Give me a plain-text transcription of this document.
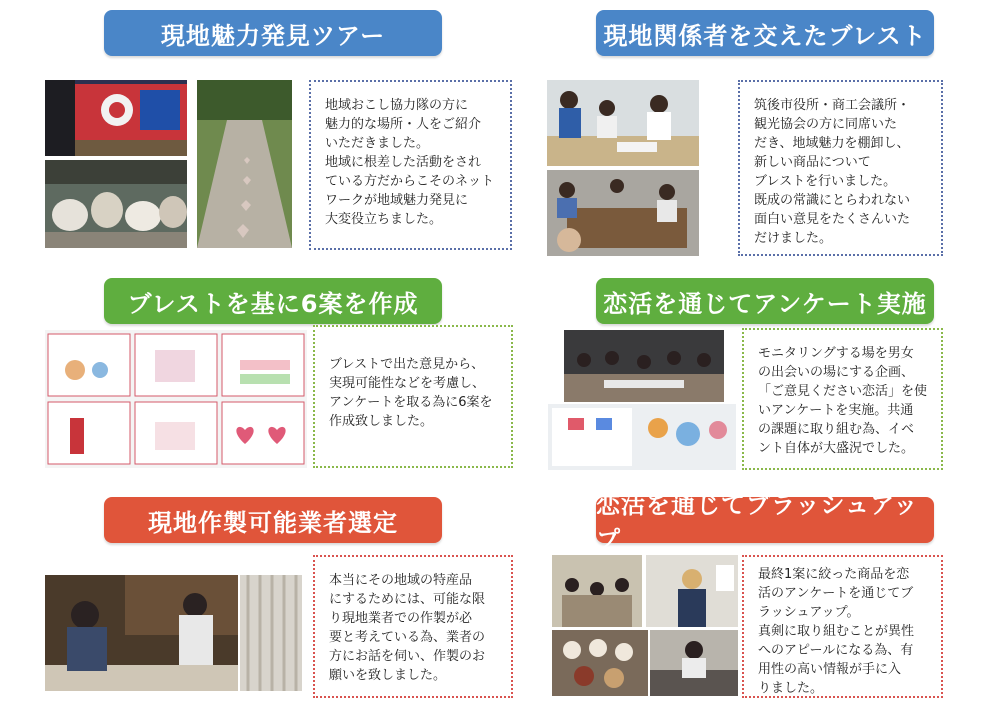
現地魅力発見ツアー
地域おこし協力隊の方に
魅力的な場所・人をご紹介
いただきました。
地域に根差した活動をされ
ている方だからこそのネット
ワークが地域魅力発見に
大変役立ちました。
現地関係者を交えたブレスト
筑後市役所・商工会議所・
観光協会の方に同席いた
だき、地域魅力を棚卸し、
新しい商品について
ブレストを行いました。
既成の常識にとらわれない
面白い意見をたくさんいた
だけました。
ブレストを基に6案を作成
ブレストで出た意見から、
実現可能性などを考慮し、
アンケートを取る為に6案を
作成致しました。
恋活を通じてアンケート実施
モニタリングする場を男女
の出会いの場にする企画、
「ご意見ください恋活」を使
いアンケートを実施。共通
の課題に取り組む為、イベ
ント自体が大盛況でした。
現地作製可能業者選定
本当にその地域の特産品
にするためには、可能な限
り現地業者での作製が必
要と考えている為、業者の
方にお話を伺い、作製のお
願いを致しました。
恋活を通じてブラッシュアップ
最終1案に絞った商品を恋
活のアンケートを通じてブ
ラッシュアップ。
真剣に取り組むことが異性
へのアピールになる為、有
用性の高い情報が手に入
りました。
